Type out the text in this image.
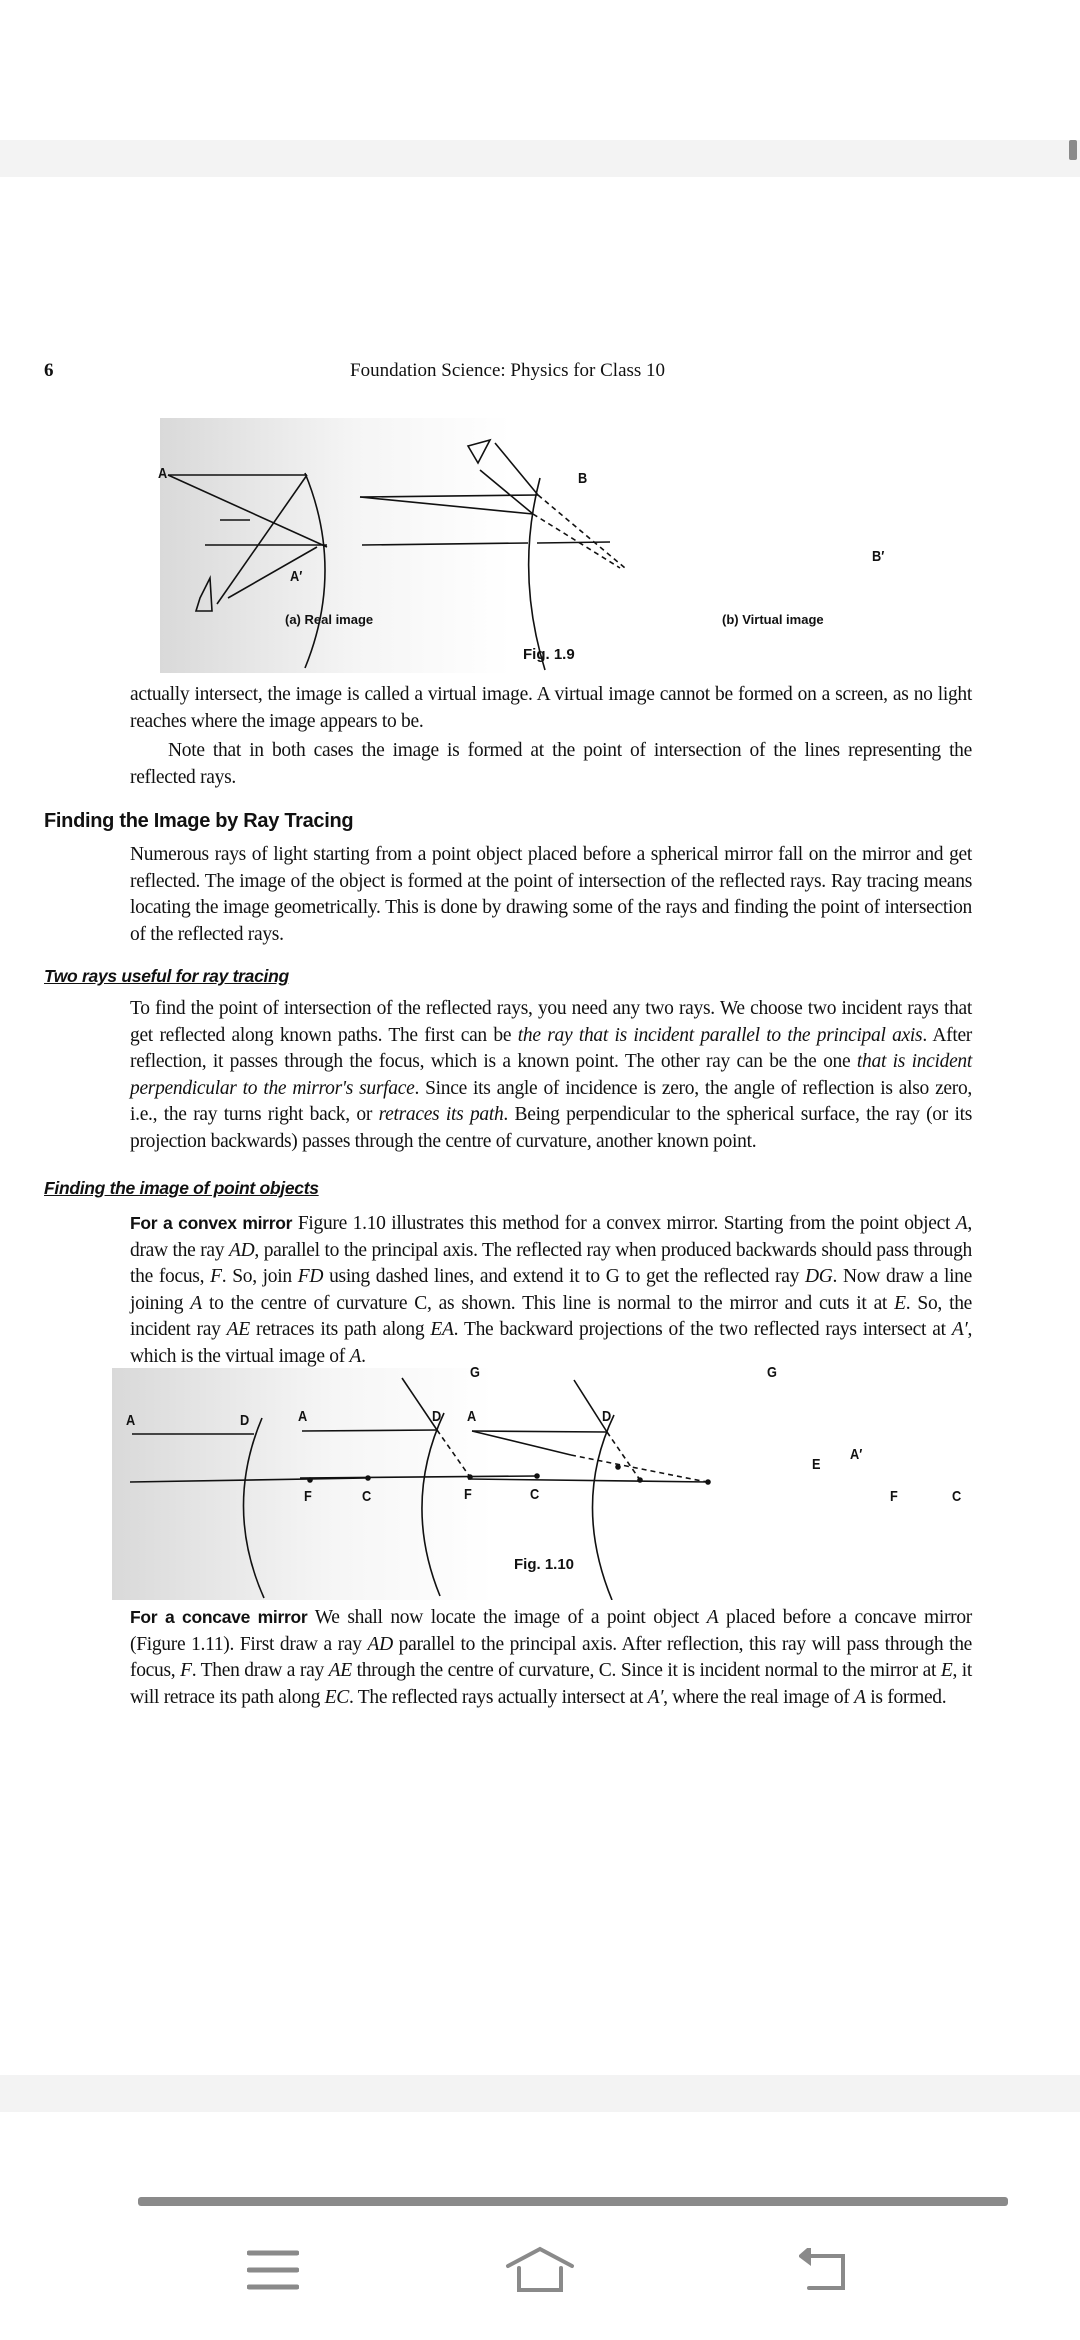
6	Foundation Science: Physics for Class 10
A
A′
B
B′
(a) Real image	(b) Virtual image
Fig. 1.9

actually intersect, the image is called a virtual image. A virtual image cannot be formed on a screen, as no light reaches where the image appears to be.

Note that in both cases the image is formed at the point of intersection of the lines representing the reflected rays.

Finding the Image by Ray Tracing

Numerous rays of light starting from a point object placed before a spherical mirror fall on the mirror and get reflected. The image of the object is formed at the point of intersection of the reflected rays. Ray tracing means locating the image geometrically. This is done by drawing some of the rays and finding the point of intersection of the reflected rays.

Two rays useful for ray tracing

To find the point of intersection of the reflected rays, you need any two rays. We choose two incident rays that get reflected along known paths. The first can be the ray that is incident parallel to the principal axis. After reflection, it passes through the focus, which is a known point. The other ray can be the one that is incident perpendicular to the mirror's surface. Since its angle of incidence is zero, the angle of reflection is also zero, i.e., the ray turns right back, or retraces its path. Being perpendicular to the spherical surface, the ray (or its projection backwards) passes through the centre of curvature, another known point.

Finding the image of point objects

For a convex mirror Figure 1.10 illustrates this method for a convex mirror. Starting from the point object A, draw the ray AD, parallel to the principal axis. The reflected ray when produced backwards should pass through the focus, F. So, join FD using dashed lines, and extend it to G to get the reflected ray DG. Now draw a line joining A to the centre of curvature C, as shown. This line is normal to the mirror and cuts it at E. So, the incident ray AE retraces its path along EA. The backward projections of the two reflected rays intersect at A′, which is the virtual image of A.

A	D
F	C
G
A	D
F	C
G
A	D
E
A′
F	C
Fig. 1.10

For a concave mirror We shall now locate the image of a point object A placed before a concave mirror (Figure 1.11). First draw a ray AD parallel to the principal axis. After reflection, this ray will pass through the focus, F. Then draw a ray AE through the centre of curvature, C. Since it is incident normal to the mirror at E, it will retrace its path along EC. The reflected rays actually intersect at A′, where the real image of A is formed.
